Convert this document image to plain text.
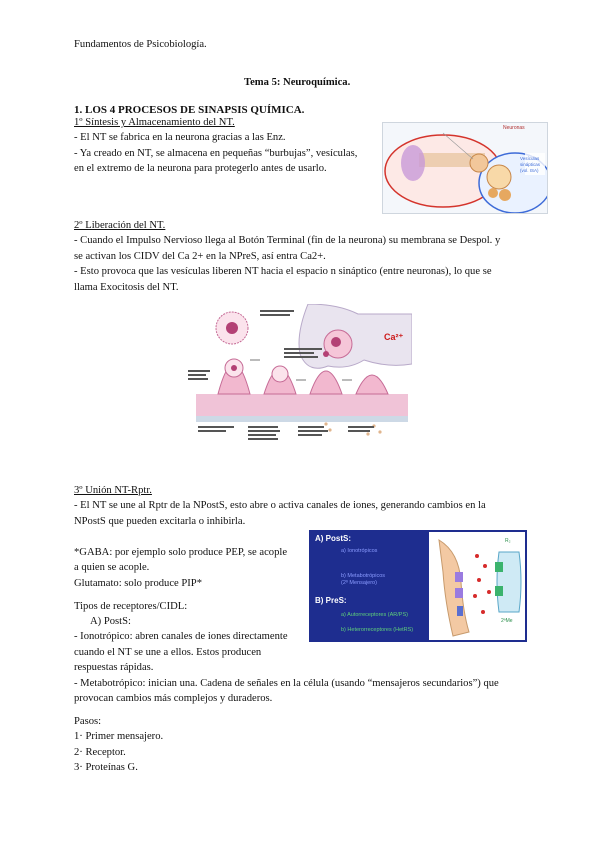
Fundamentos de Psicobiología.
Tema 5: Neuroquímica.
1. LOS 4 PROCESOS DE SINAPSIS QUÍMICA.
1º Síntesis y Almacenamiento del NT.
- El NT se fabrica en la neurona gracias a las Enz.
- Ya creado en NT, se almacena en pequeñas “burbujas”, vesículas,
en el extremo de la neurona para protegerlo antes de usarlo.
Neuronas
Vesículas
sinápticas
(vol. ISA)
2º Liberación del NT.
- Cuando el Impulso Nervioso llega al Botón Terminal (fin de la neurona) su membrana se Despol. y
se activan los CIDV del Ca 2+ en la NPreS, así entra Ca2+.
- Esto provoca que las vesículas liberen NT hacia el espacio n sináptico (entre neuronas), lo que se
llama Exocitosis del NT.
Ca²⁺
3º Unión NT-Rptr.
- El NT se une al Rptr de la NPostS, esto abre o activa canales de iones, generando cambios en la
NPostS que pueden excitarla o inhibirla.
*GABA: por ejemplo solo produce PEP, se acople
a quien se acople.
Glutamato: solo produce PIP*
Tipos de receptores/CIDL:
A) PostS:
- Ionotrópico: abren canales de iones directamente
cuando el NT se une a ellos. Estos producen
respuestas rápidas.
- Metabotrópico: inician una. Cadena de señales en la célula (usando “mensajeros secundarios”) que
provocan cambios más complejos y duraderos.
A) PostS:
a) Ionotrópicos
b) Metabotrópicos
(2º Mensajero)
B) PreS:
a) Autorreceptores (AR/PS)
b) Heterorreceptores (HetRS)
R₂
2ªMe
Pasos:
1· Primer mensajero.
2· Receptor.
3· Proteínas G.
